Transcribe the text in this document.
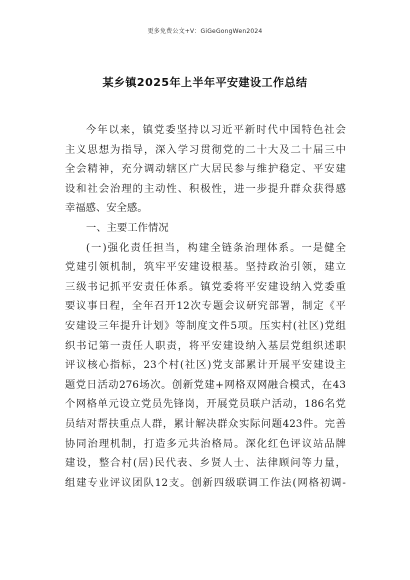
更多免费公文+V：GiGeGongWen2024
某乡镇2025年上半年平安建设工作总结
今年以来，镇党委坚持以习近平新时代中国特色社会
主义思想为指导，深入学习贯彻党的二十大及二十届三中
全会精神，充分调动辖区广大居民参与维护稳定、平安建
设和社会治理的主动性、积极性，进一步提升群众获得感
幸福感、安全感。
一、主要工作情况
(一)强化责任担当，构建全链条治理体系。一是健全
党建引领机制，筑牢平安建设根基。坚持政治引领，建立
三级书记抓平安责任体系。镇党委将平安建设纳入党委重
要议事日程，全年召开12次专题会议研究部署，制定《平
安建设三年提升计划》等制度文件5项。压实村(社区)党组
织书记第一责任人职责，将平安建设纳入基层党组织述职
评议核心指标，23个村(社区)党支部累计开展平安建设主
题党日活动276场次。创新党建+网格双网融合模式，在43
个网格单元设立党员先锋岗，开展党员联户活动，186名党
员结对帮扶重点人群，累计解决群众实际问题423件。完善
协同治理机制，打造多元共治格局。深化红色评议站品牌
建设，整合村(居)民代表、乡贤人士、法律顾问等力量，
组建专业评议团队12支。创新四级联调工作法(网格初调-
